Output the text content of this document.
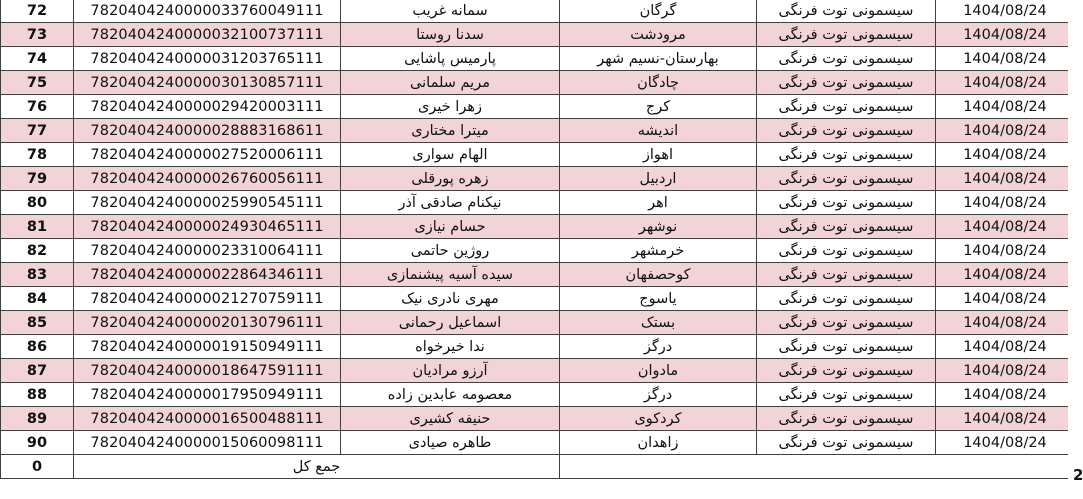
72	7820404240000033760049111	سمانه غریب	گرگان	سیسمونی توت فرنگی	1404/08/24
73	7820404240000032100737111	سدنا روستا	مرودشت	سیسمونی توت فرنگی	1404/08/24
74	7820404240000031203765111	پارمیس پاشایی	بهارستان-نسیم شهر	سیسمونی توت فرنگی	1404/08/24
75	7820404240000030130857111	مریم سلمانی	چادگان	سیسمونی توت فرنگی	1404/08/24
76	7820404240000029420003111	زهرا خیری	کرج	سیسمونی توت فرنگی	1404/08/24
77	7820404240000028883168611	میترا مختاری	اندیشه	سیسمونی توت فرنگی	1404/08/24
78	7820404240000027520006111	الهام سواری	اهواز	سیسمونی توت فرنگی	1404/08/24
79	7820404240000026760056111	زهره پورقلی	اردبیل	سیسمونی توت فرنگی	1404/08/24
80	7820404240000025990545111	نیکنام صادقی آذر	اهر	سیسمونی توت فرنگی	1404/08/24
81	7820404240000024930465111	حسام نیازی	نوشهر	سیسمونی توت فرنگی	1404/08/24
82	7820404240000023310064111	روژین حاتمی	خرمشهر	سیسمونی توت فرنگی	1404/08/24
83	7820404240000022864346111	سیده آسیه پیشنمازی	کوحصفهان	سیسمونی توت فرنگی	1404/08/24
84	7820404240000021270759111	مهری نادری نیک	یاسوج	سیسمونی توت فرنگی	1404/08/24
85	7820404240000020130796111	اسماعیل رحمانی	بستک	سیسمونی توت فرنگی	1404/08/24
86	7820404240000019150949111	ندا خیرخواه	درگز	سیسمونی توت فرنگی	1404/08/24
87	7820404240000018647591111	آرزو مرادیان	مادوان	سیسمونی توت فرنگی	1404/08/24
88	7820404240000017950949111	معصومه عابدین زاده	درگز	سیسمونی توت فرنگی	1404/08/24
89	7820404240000016500488111	حنیفه کشیری	کردکوی	سیسمونی توت فرنگی	1404/08/24
90	7820404240000015060098111	طاهره صیادی	زاهدان	سیسمونی توت فرنگی	1404/08/24
0	جمع کل					2
